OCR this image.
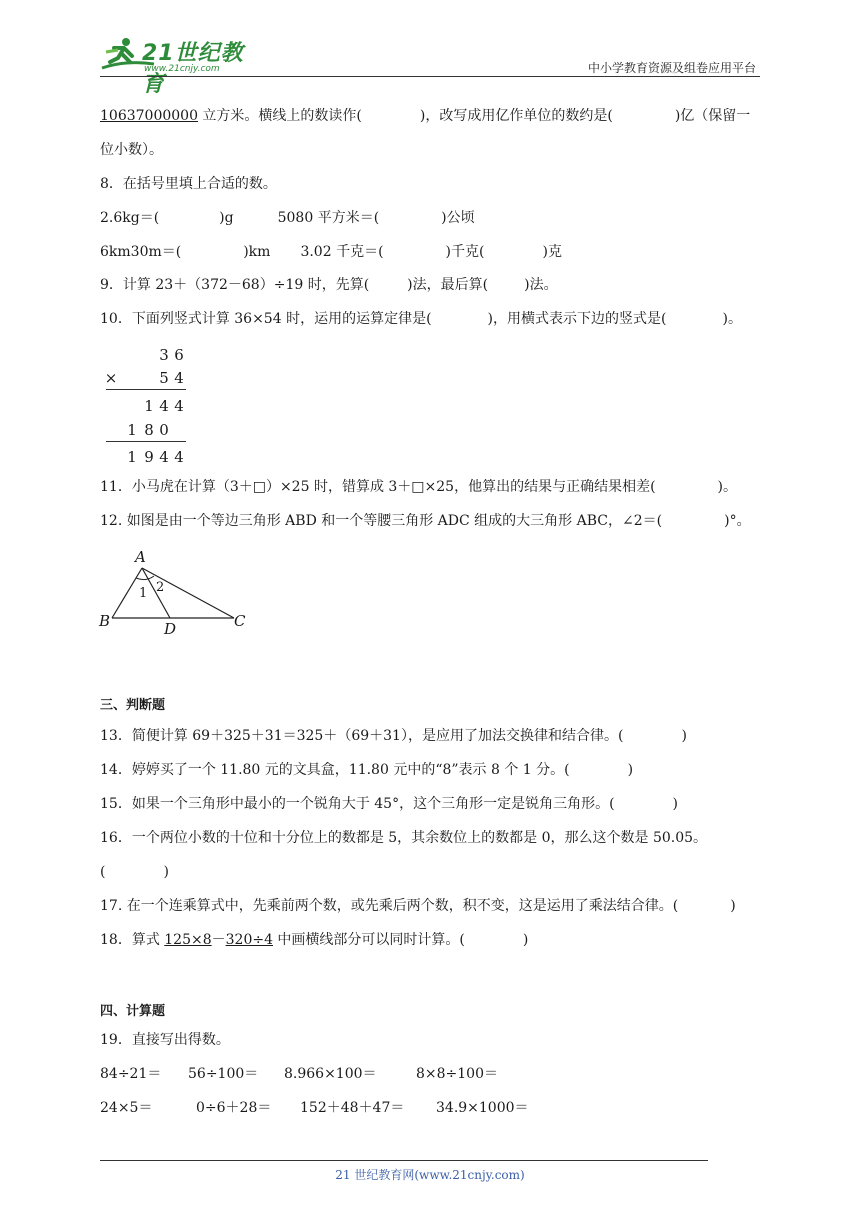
21世纪教育
www.21cnjy.com	中小学教育资源及组卷应用平台
10637000000 立方米。横线上的数读作(	)，改写成用亿作单位的数约是(	)亿（保留一
位小数）。
8．在括号里填上合适的数。
2.6kg＝(	)g	5080 平方米＝(	)公顷
6km30m＝(	)km 3.02 千克＝(	)千克(	)克
9．计算 23＋（372－68）÷19 时，先算(	)法，最后算(	)法。
10．下面列竖式计算 36×54 时，运用的运算定律是(	)，用横式表示下边的竖式是(	)。
3 6
×	5 4
1 4 4
1 8 0
1 9 4 4
11．小马虎在计算（3＋□）×25 时，错算成 3＋□×25，他算出的结果与正确结果相差(	)。
12. 如图是由一个等边三角形 ABD 和一个等腰三角形 ADC 组成的大三角形 ABC，∠2＝(	)°。
A
B	C
D
1 2
三、判断题
13．简便计算 69＋325＋31＝325＋（69＋31），是应用了加法交换律和结合律。(	)
14．婷婷买了一个 11.80 元的文具盒，11.80 元中的“8”表示 8 个 1 分。(	)
15．如果一个三角形中最小的一个锐角大于 45°，这个三角形一定是锐角三角形。(	)
16．一个两位小数的十位和十分位上的数都是 5，其余数位上的数都是 0，那么这个数是 50.05。
(	)
17. 在一个连乘算式中，先乘前两个数，或先乘后两个数，积不变，这是运用了乘法结合律。(	)
18．算式 125×8－320÷4 中画横线部分可以同时计算。(	)
四、计算题
19．直接写出得数。
84÷21＝ 56÷100＝ 8.966×100＝	8×8÷100＝
24×5＝	0÷6＋28＝ 152＋48＋47＝ 34.9×1000＝
21 世纪教育网(www.21cnjy.com)
